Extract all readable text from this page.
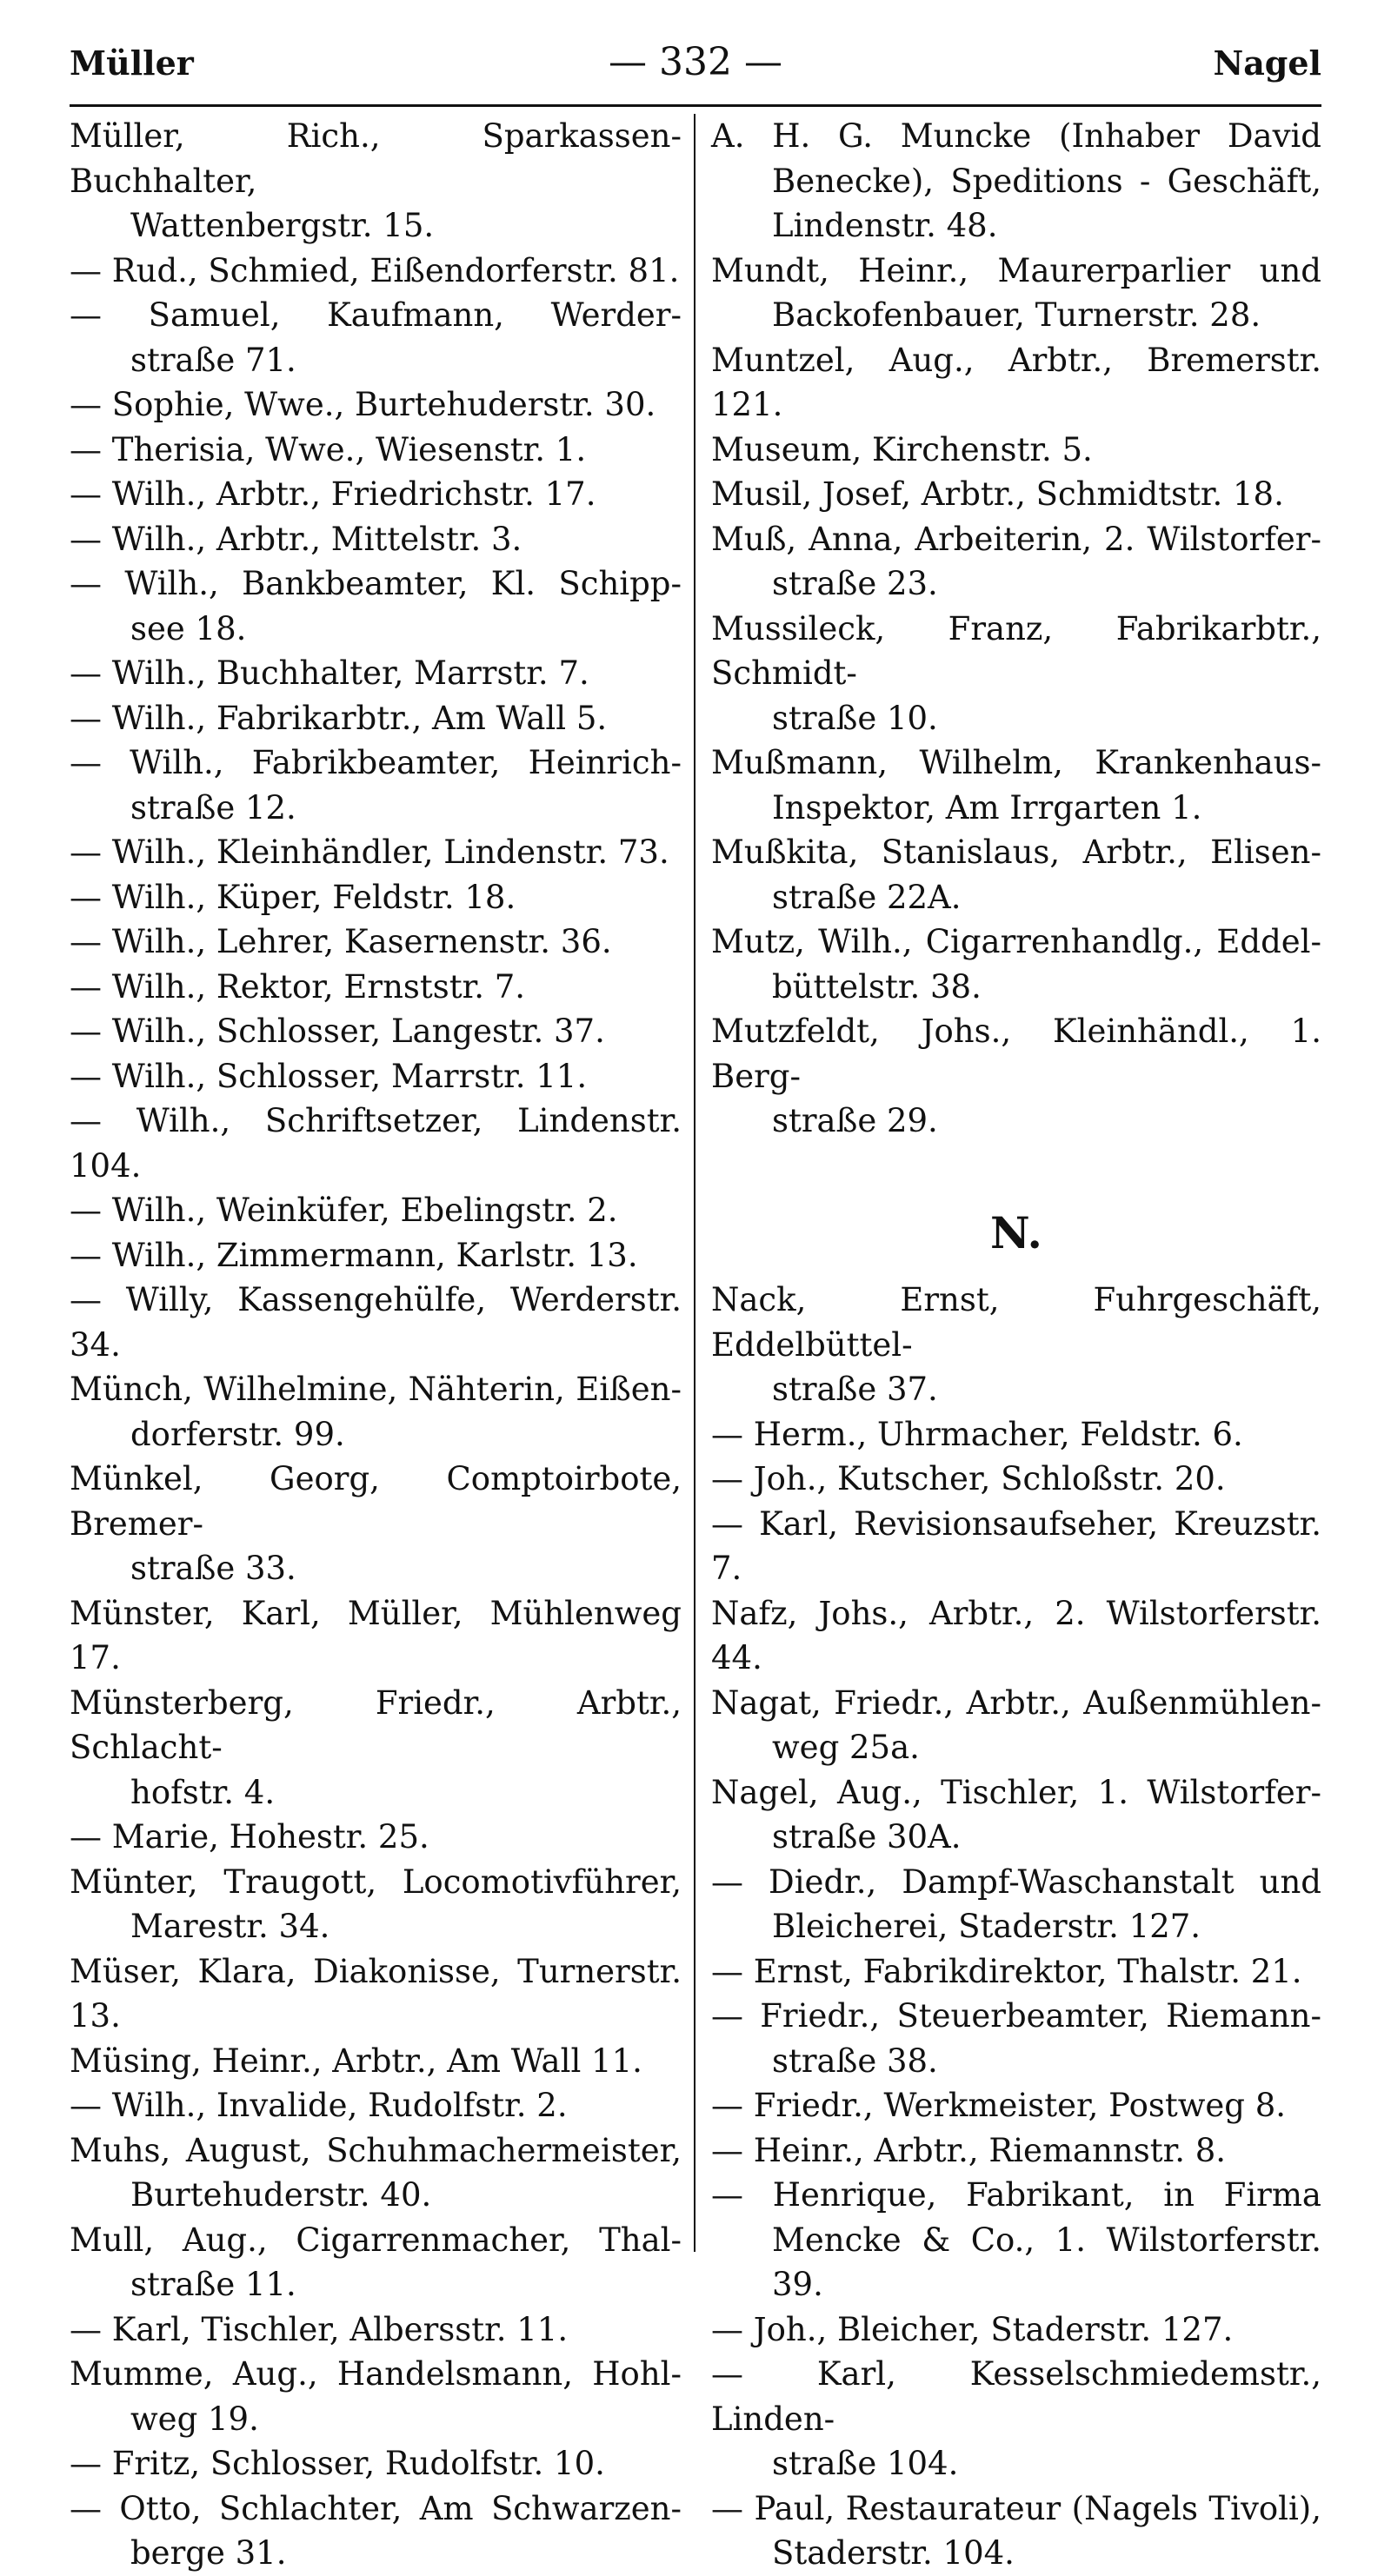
Müller	— 332 —	Nagel

Müller, Rich., Sparkassen-Buchhalter,
Wattenbergstr. 15.

— Rud., Schmied, Eißendorferstr. 81.

— Samuel, Kaufmann, Werder-
straße 71.

— Sophie, Wwe., Burtehuderstr. 30.

— Therisia, Wwe., Wiesenstr. 1.

— Wilh., Arbtr., Friedrichstr. 17.

— Wilh., Arbtr., Mittelstr. 3.

— Wilh., Bankbeamter, Kl. Schipp-
see 18.

— Wilh., Buchhalter, Marrstr. 7.

— Wilh., Fabrikarbtr., Am Wall 5.

— Wilh., Fabrikbeamter, Heinrich-
straße 12.

— Wilh., Kleinhändler, Lindenstr. 73.

— Wilh., Küper, Feldstr. 18.

— Wilh., Lehrer, Kasernenstr. 36.

— Wilh., Rektor, Ernststr. 7.

— Wilh., Schlosser, Langestr. 37.

— Wilh., Schlosser, Marrstr. 11.

— Wilh., Schriftsetzer, Lindenstr. 104.

— Wilh., Weinküfer, Ebelingstr. 2.

— Wilh., Zimmermann, Karlstr. 13.

— Willy, Kassengehülfe, Werderstr. 34.

Münch, Wilhelmine, Nähterin, Eißen-
dorferstr. 99.

Münkel, Georg, Comptoirbote, Bremer-
straße 33.

Münster, Karl, Müller, Mühlenweg 17.

Münsterberg, Friedr., Arbtr., Schlacht-
hofstr. 4.

— Marie, Hohestr. 25.

Münter, Traugott, Locomotivführer,
Marestr. 34.

Müser, Klara, Diakonisse, Turnerstr. 13.

Müsing, Heinr., Arbtr., Am Wall 11.

— Wilh., Invalide, Rudolfstr. 2.

Muhs, August, Schuhmachermeister,
Burtehuderstr. 40.

Mull, Aug., Cigarrenmacher, Thal-
straße 11.

— Karl, Tischler, Albersstr. 11.

Mumme, Aug., Handelsmann, Hohl-
weg 19.

— Fritz, Schlosser, Rudolfstr. 10.

— Otto, Schlachter, Am Schwarzen-
berge 31.

A. H. G. Muncke (Inhaber David
Benecke), Speditions - Geschäft,
Lindenstr. 48.

Mundt, Heinr., Maurerparlier und
Backofenbauer, Turnerstr. 28.

Muntzel, Aug., Arbtr., Bremerstr. 121.

Museum, Kirchenstr. 5.

Musil, Josef, Arbtr., Schmidtstr. 18.

Muß, Anna, Arbeiterin, 2. Wilstorfer-
straße 23.

Mussileck, Franz, Fabrikarbtr., Schmidt-
straße 10.

Mußmann, Wilhelm, Krankenhaus-
Inspektor, Am Irrgarten 1.

Mußkita, Stanislaus, Arbtr., Elisen-
straße 22A.

Mutz, Wilh., Cigarrenhandlg., Eddel-
büttelstr. 38.

Mutzfeldt, Johs., Kleinhändl., 1. Berg-
straße 29.

N.

Nack, Ernst, Fuhrgeschäft, Eddelbüttel-
straße 37.

— Herm., Uhrmacher, Feldstr. 6.

— Joh., Kutscher, Schloßstr. 20.

— Karl, Revisionsaufseher, Kreuzstr. 7.

Nafz, Johs., Arbtr., 2. Wilstorferstr. 44.

Nagat, Friedr., Arbtr., Außenmühlen-
weg 25a.

Nagel, Aug., Tischler, 1. Wilstorfer-
straße 30A.

— Diedr., Dampf-Waschanstalt und
Bleicherei, Staderstr. 127.

— Ernst, Fabrikdirektor, Thalstr. 21.

— Friedr., Steuerbeamter, Riemann-
straße 38.

— Friedr., Werkmeister, Postweg 8.

— Heinr., Arbtr., Riemannstr. 8.

— Henrique, Fabrikant, in Firma
Mencke & Co., 1. Wilstorferstr. 39.

— Joh., Bleicher, Staderstr. 127.

— Karl, Kesselschmiedemstr., Linden-
straße 104.

— Paul, Restaurateur (Nagels Tivoli),
Staderstr. 104.
